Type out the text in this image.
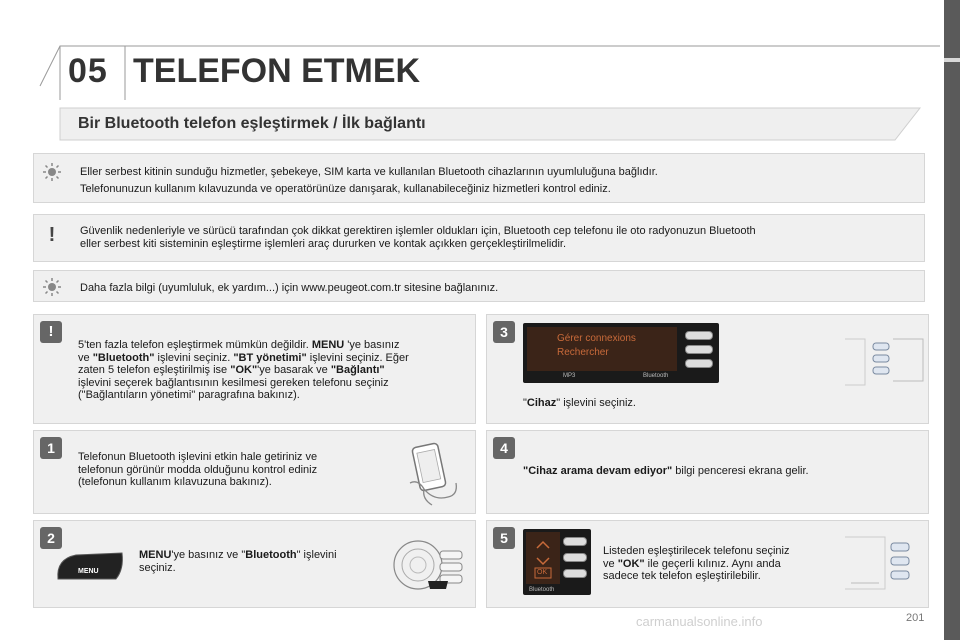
05 TELEFON ETMEK
Bir Bluetooth telefon eşleştirmek / İlk bağlantı

Eller serbest kitinin sunduğu hizmetler, şebekeye, SIM karta ve kullanılan Bluetooth cihazlarının uyumluluğuna bağlıdır.

Telefonunuzun kullanım kılavuzunda ve operatörünüze danışarak, kullanabileceğiniz hizmetleri kontrol ediniz.

!	Güvenlik nedenleriyle ve sürücü tarafından çok dikkat gerektiren işlemler oldukları için, Bluetooth cep telefonu ile oto radyonuzun Bluetooth

eller serbest kiti sisteminin eşleştirme işlemleri araç dururken ve kontak açıkken gerçekleştirilmelidir.

Daha fazla bilgi (uyumluluk, ek yardım...) için www.peugeot.com.tr sitesine bağlanınız.

!
5'ten fazla telefon eşleştirmek mümkün değildir. MENU 'ye basınız
ve "Bluetooth" işlevini seçiniz. "BT yönetimi" işlevini seçiniz. Eğer
zaten 5 telefon eşleştirilmiş ise "OK"'ye basarak ve "Bağlantı"
işlevini seçerek bağlantısının kesilmesi gereken telefonu seçiniz
("Bağlantıların yönetimi" paragrafına bakınız).
1
Telefonun Bluetooth işlevini etkin hale getiriniz ve
telefonun görünür modda olduğunu kontrol ediniz
(telefonun kullanım kılavuzuna bakınız).
2
MENU
MENU'ye basınız ve "Bluetooth" işlevini
seçiniz.
3	Gérer connexions
Rechercher
MP3	Bluetooth
"Cihaz" işlevini seçiniz.
4
"Cihaz arama devam ediyor" bilgi penceresi ekrana gelir.
5
OK
Bluetooth
Listeden eşleştirilecek telefonu seçiniz
ve "OK" ile geçerli kılınız. Aynı anda
sadece tek telefon eşleştirilebilir.
carmanualsonline.info	201
